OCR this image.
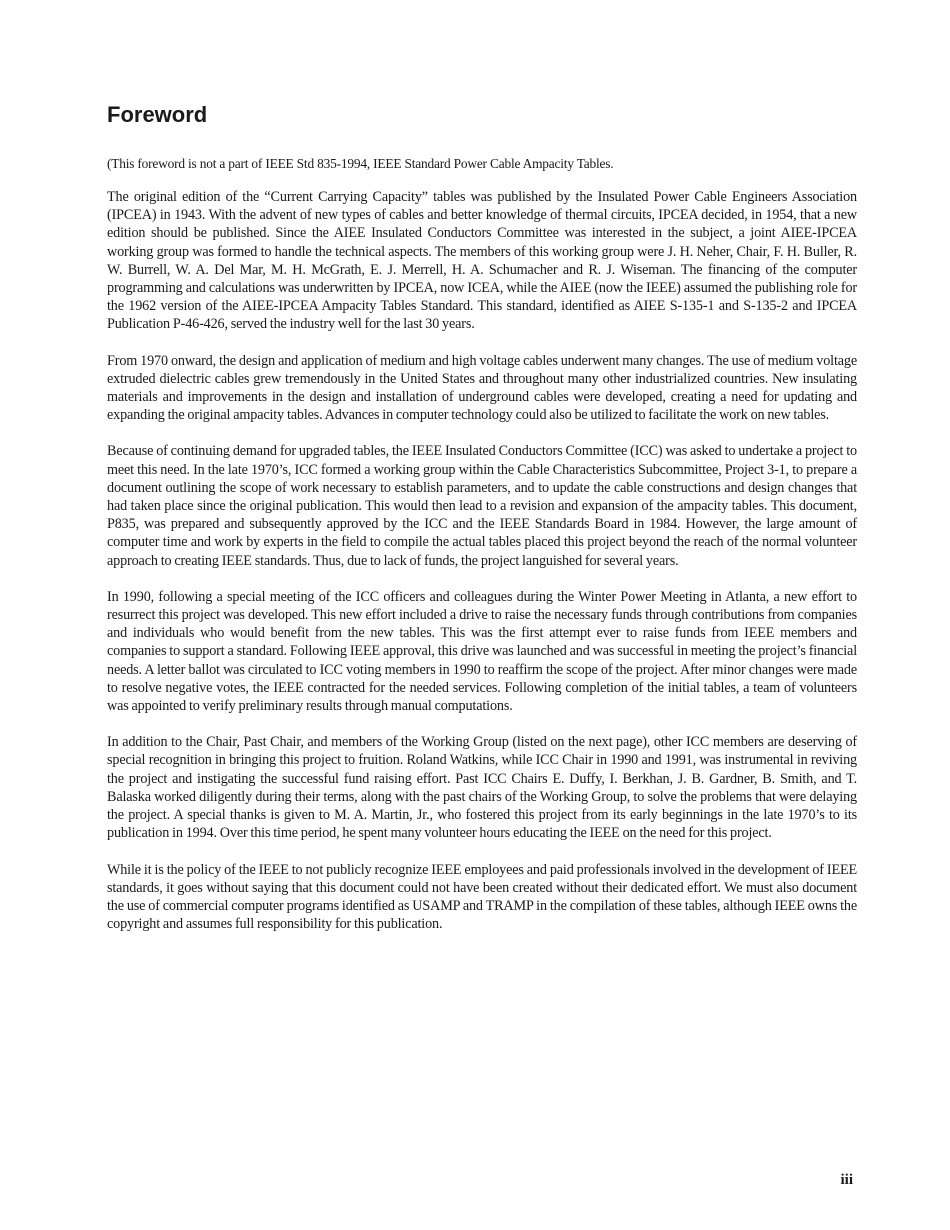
Foreword

(This foreword is not a part of IEEE Std 835-1994, IEEE Standard Power Cable Ampacity Tables.

The original edition of the “Current Carrying Capacity” tables was published by the Insulated Power Cable Engineers Association (IPCEA) in 1943. With the advent of new types of cables and better knowledge of thermal circuits, IPCEA decided, in 1954, that a new edition should be published. Since the AIEE Insulated Conductors Committee was interested in the subject, a joint AIEE-IPCEA working group was formed to handle the technical aspects. The members of this working group were J. H. Neher, Chair, F. H. Buller, R. W. Burrell, W. A. Del Mar, M. H. McGrath, E. J. Merrell, H. A. Schumacher and R. J. Wiseman. The financing of the computer programming and calculations was underwritten by IPCEA, now ICEA, while the AIEE (now the IEEE) assumed the publishing role for the 1962 version of the AIEE-IPCEA Ampacity Tables Standard. This standard, identified as AIEE S-135-1 and S-135-2 and IPCEA Publication P-46-426, served the industry well for the last 30 years.

From 1970 onward, the design and application of medium and high voltage cables underwent many changes. The use of medium voltage extruded dielectric cables grew tremendously in the United States and throughout many other industrialized countries. New insulating materials and improvements in the design and installation of underground cables were developed, creating a need for updating and expanding the original ampacity tables. Advances in computer technology could also be utilized to facilitate the work on new tables.

Because of continuing demand for upgraded tables, the IEEE Insulated Conductors Committee (ICC) was asked to undertake a project to meet this need. In the late 1970’s, ICC formed a working group within the Cable Characteristics Subcommittee, Project 3-1, to prepare a document outlining the scope of work necessary to establish parameters, and to update the cable constructions and design changes that had taken place since the original publication. This would then lead to a revision and expansion of the ampacity tables. This document, P835, was prepared and subsequently approved by the ICC and the IEEE Standards Board in 1984. However, the large amount of computer time and work by experts in the field to compile the actual tables placed this project beyond the reach of the normal volunteer approach to creating IEEE standards. Thus, due to lack of funds, the project languished for several years.

In 1990, following a special meeting of the ICC officers and colleagues during the Winter Power Meeting in Atlanta, a new effort to resurrect this project was developed. This new effort included a drive to raise the necessary funds through contributions from companies and individuals who would benefit from the new tables. This was the first attempt ever to raise funds from IEEE members and companies to support a standard. Following IEEE approval, this drive was launched and was successful in meeting the project’s financial needs. A letter ballot was circulated to ICC voting members in 1990 to reaffirm the scope of the project. After minor changes were made to resolve negative votes, the IEEE contracted for the needed services. Following completion of the initial tables, a team of volunteers was appointed to verify preliminary results through manual computations.

In addition to the Chair, Past Chair, and members of the Working Group (listed on the next page), other ICC members are deserving of special recognition in bringing this project to fruition. Roland Watkins, while ICC Chair in 1990 and 1991, was instrumental in reviving the project and instigating the successful fund raising effort. Past ICC Chairs E. Duffy, I. Berkhan, J. B. Gardner, B. Smith, and T. Balaska worked diligently during their terms, along with the past chairs of the Working Group, to solve the problems that were delaying the project. A special thanks is given to M. A. Martin, Jr., who fostered this project from its early beginnings in the late 1970’s to its publication in 1994. Over this time period, he spent many volunteer hours educating the IEEE on the need for this project.

While it is the policy of the IEEE to not publicly recognize IEEE employees and paid professionals involved in the development of IEEE standards, it goes without saying that this document could not have been created without their dedicated effort. We must also document the use of commercial computer programs identified as USAMP and TRAMP in the compilation of these tables, although IEEE owns the copyright and assumes full responsibility for this publication.

iii
